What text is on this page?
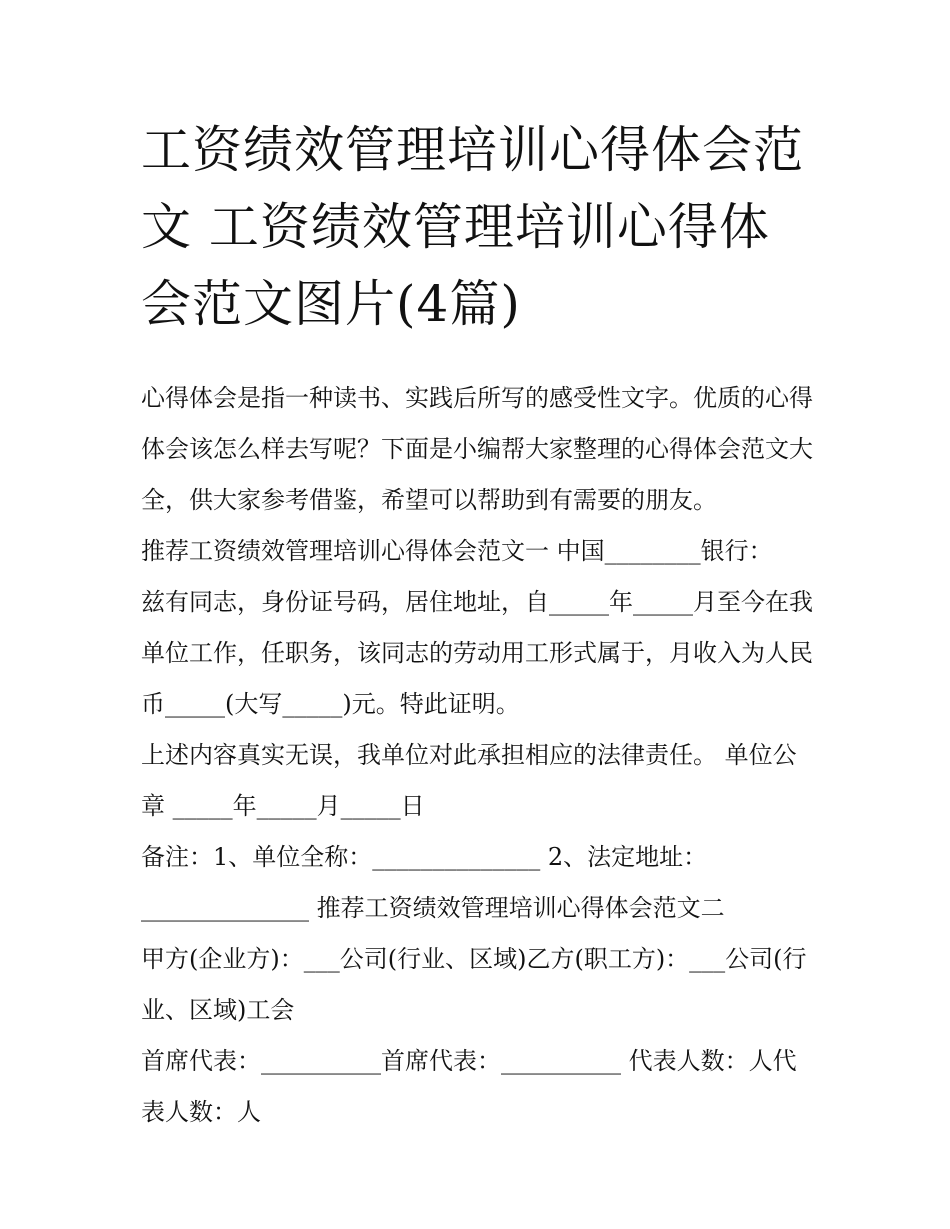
工资绩效管理培训心得体会范文 工资绩效管理培训心得体会范文图片(4篇)

心得体会是指一种读书、实践后所写的感受性文字。优质的心得体会该怎么样去写呢？下面是小编帮大家整理的心得体会范文大全，供大家参考借鉴，希望可以帮助到有需要的朋友。

推荐工资绩效管理培训心得体会范文一 中国________银行：

兹有同志，身份证号码，居住地址，自_____年_____月至今在我单位工作，任职务，该同志的劳动用工形式属于，月收入为人民币_____(大写_____)元。特此证明。

上述内容真实无误，我单位对此承担相应的法律责任。 单位公章 _____年_____月_____日

备注：1、单位全称：______________ 2、法定地址：______________ 推荐工资绩效管理培训心得体会范文二

甲方(企业方)：___公司(行业、区域)乙方(职工方)：___公司(行业、区域)工会

首席代表：__________首席代表：__________ 代表人数：人代表人数：人
